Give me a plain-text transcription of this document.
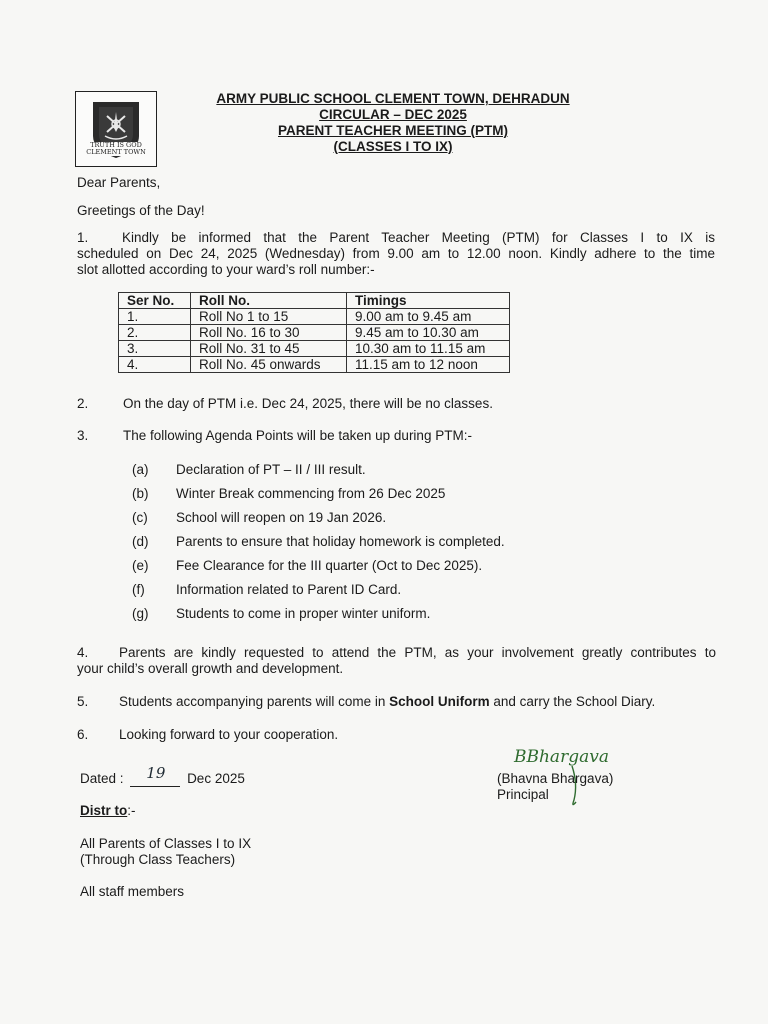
TRUTH IS GOD
CLEMENT TOWN
ARMY PUBLIC SCHOOL CLEMENT TOWN, DEHRADUN
CIRCULAR – DEC 2025
PARENT TEACHER MEETING (PTM)
(CLASSES I TO IX)
Dear Parents,
Greetings of the Day!
1. Kindly be informed that the Parent Teacher Meeting (PTM) for Classes I to IX is
scheduled on Dec 24, 2025 (Wednesday) from 9.00 am to 12.00 noon. Kindly adhere to the time
slot allotted according to your ward’s roll number:-
Ser No.	Roll No.	Timings
1.	Roll No 1 to 15	9.00 am to 9.45 am
2.	Roll No. 16 to 30	9.45 am to 10.30 am
3.	Roll No. 31 to 45	10.30 am to 11.15 am
4.	Roll No. 45 onwards	11.15 am to 12 noon
2.	On the day of PTM i.e. Dec 24, 2025, there will be no classes.
3.	The following Agenda Points will be taken up during PTM:-
(a) Declaration of PT – II / III result.
(b) Winter Break commencing from 26 Dec 2025
(c) School will reopen on 19 Jan 2026.
(d) Parents to ensure that holiday homework is completed.
(e) Fee Clearance for the III quarter (Oct to Dec 2025).
(f) Information related to Parent ID Card.
(g) Students to come in proper winter uniform.
4. Parents are kindly requested to attend the PTM, as your involvement greatly contributes to
your child’s overall growth and development.
5. Students accompanying parents will come in School Uniform and carry the School Diary.
6. Looking forward to your cooperation.
Dated : 19 Dec 2025
BBhargava
(Bhavna Bhargava)
Principal
Distr to:-
All Parents of Classes I to IX
(Through Class Teachers)
All staff members
